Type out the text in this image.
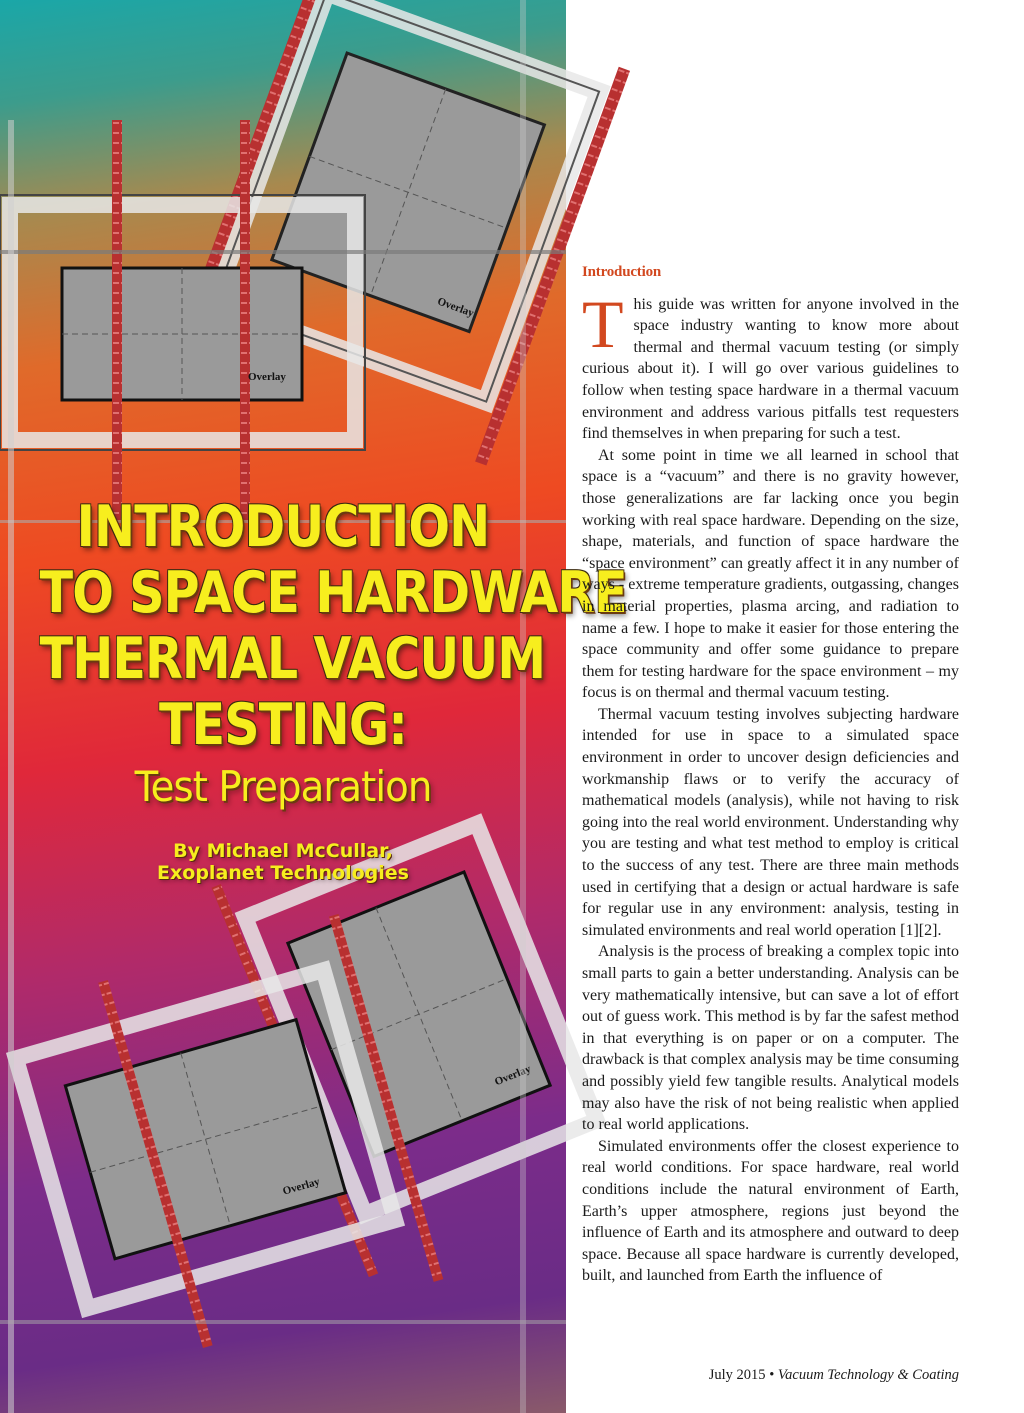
Overlay
Overlay
Overlay
Overlay
INTRODUCTION
TO SPACE HARDWARE
THERMAL VACUUM
TESTING:
Test Preparation
By Michael McCullar,
Exoplanet Technologies
Introduction

This guide was written for anyone involved in the space industry wanting to know more about thermal and thermal vacuum testing (or simply curious about it). I will go over various guidelines to follow when testing space hardware in a thermal vacuum environment and address various pitfalls test requesters find themselves in when preparing for such a test.

At some point in time we all learned in school that space is a “vacuum” and there is no gravity however, those generalizations are far lacking once you begin working with real space hardware. Depending on the size, shape, materials, and function of space hardware the “space environment” can greatly affect it in any number of ways - extreme temperature gradients, outgassing, changes in material properties, plasma arcing, and radiation to name a few. I hope to make it easier for those entering the space community and offer some guidance to prepare them for testing hardware for the space environment – my focus is on thermal and thermal vacuum testing.

Thermal vacuum testing involves subjecting hardware intended for use in space to a simulated space environment in order to uncover design deficiencies and workmanship flaws or to verify the accuracy of mathematical models (analysis), while not having to risk going into the real world environment. Understanding why you are testing and what test method to employ is critical to the success of any test. There are three main methods used in certifying that a design or actual hardware is safe for regular use in any environment: analysis, testing in simulated environments and real world operation [1][2].

Analysis is the process of breaking a complex topic into small parts to gain a better understanding. Analysis can be very mathematically intensive, but can save a lot of effort out of guess work. This method is by far the safest method in that everything is on paper or on a computer. The drawback is that complex analysis may be time consuming and possibly yield few tangible results. Analytical models may also have the risk of not being realistic when applied to real world applications.

Simulated environments offer the closest experience to real world conditions. For space hardware, real world conditions include the natural environment of Earth, Earth’s upper atmosphere, regions just beyond the influence of Earth and its atmosphere and outward to deep space. Because all space hardware is currently developed, built, and launched from Earth the influence of

July 2015 • Vacuum Technology & Coating
